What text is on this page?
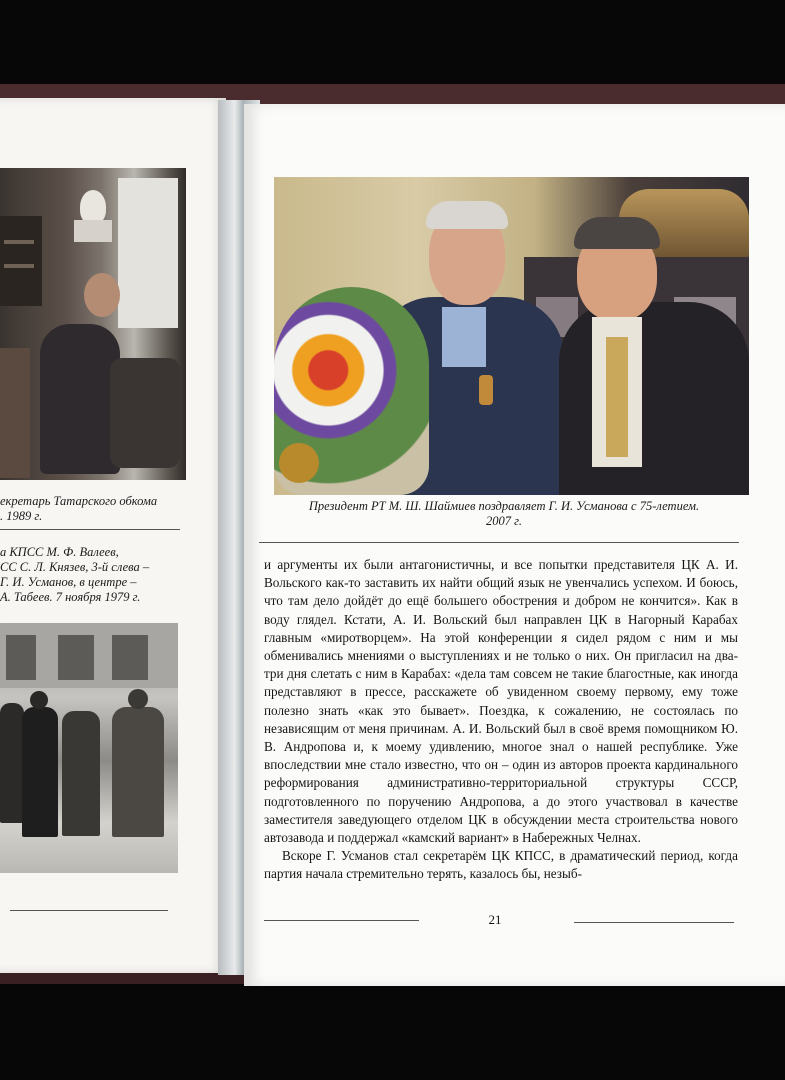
екретарь Татарского обкома
. 1989 г.
а КПСС М. Ф. Валеев,
СС С. Л. Князев, 3-й слева –
Г. И. Усманов, в центре –
А. Табеев. 7 ноября 1979 г.
Президент РТ М. Ш. Шаймиев поздравляет Г. И. Усманова с 75-летием.
2007 г.

и аргументы их были антагонистичны, и все попытки представителя ЦК А. И. Вольского как-то заставить их найти общий язык не увенчались успехом. И боюсь, что там дело дойдёт до ещё большего обострения и добром не кончится». Как в воду глядел. Кстати, А. И. Вольский был направлен ЦК в Нагорный Карабах главным «миротворцем». На этой конференции я сидел рядом с ним и мы обменивались мнениями о выступлениях и не только о них. Он пригласил на два-три дня слетать с ним в Карабах: «дела там совсем не такие благостные, как иногда представляют в прессе, расскажете об увиденном своему первому, ему тоже полезно знать «как это бывает». Поездка, к сожалению, не состоялась по независящим от меня причинам. А. И. Вольский был в своё время помощником Ю. В. Андропова и, к моему удивлению, многое знал о нашей республике. Уже впоследствии мне стало известно, что он – один из авторов проекта кардинального реформирования административно-территориальной структуры СССР, подготовленного по поручению Андропова, а до этого участвовал в качестве заместителя заведующего отделом ЦК в обсуждении места строительства нового автозавода и поддержал «камский вариант» в Набережных Челнах.

Вскоре Г. Усманов стал секретарём ЦК КПСС, в драматический период, когда партия начала стремительно терять, казалось бы, незыб-

21
